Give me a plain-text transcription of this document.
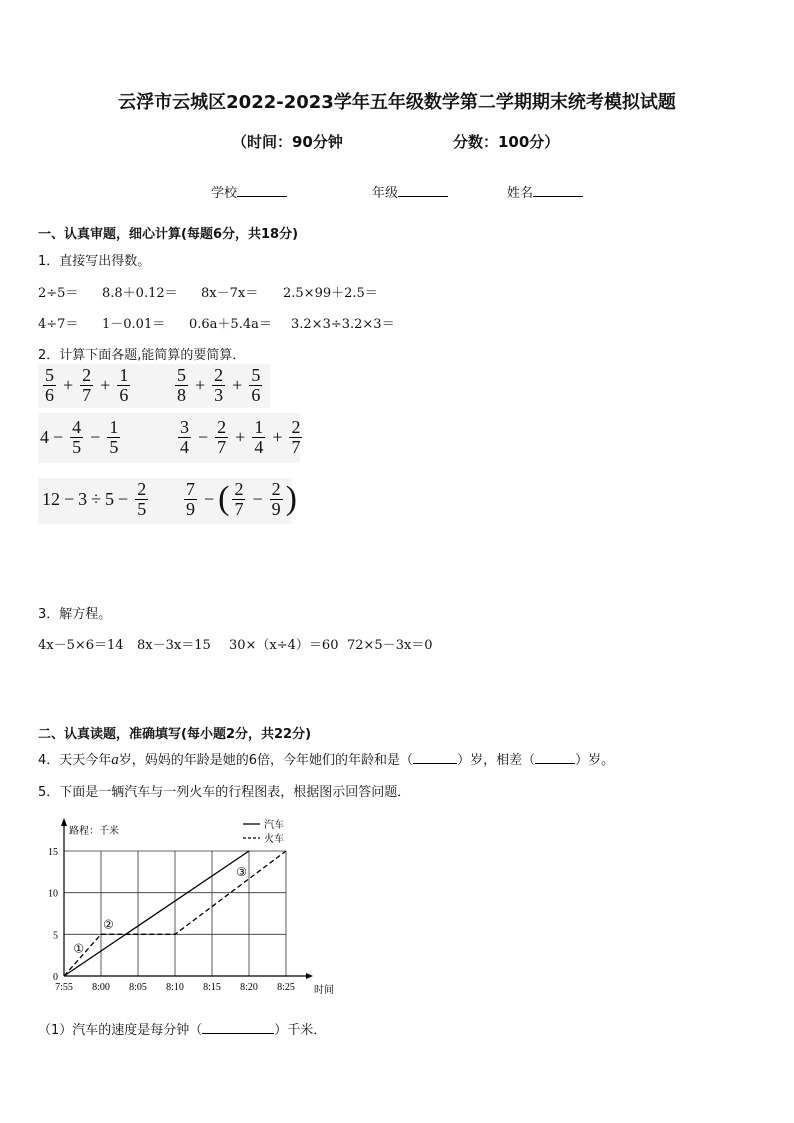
云浮市云城区2022-2023学年五年级数学第二学期期末统考模拟试题
（时间：90分钟	分数：100分）
学校	年级	姓名
一、认真审题，细心计算(每题6分，共18分)
1．直接写出得数。
2÷5＝ 8.8＋0.12＝ 8x－7x＝ 2.5×99＋2.5＝
4÷7＝ 1－0.01＝ 0.6a＋5.4a＝ 3.2×3÷3.2×3＝
2．计算下面各题,能简算的要简算．
$\frac{5}{6} + \frac{2}{7} + \frac{1}{6} \frac{5}{8} + \frac{2}{3} + \frac{5}{6}$
$4 - \frac{4}{5} - \frac{1}{5}$	$\frac{3}{4} - \frac{2}{7} + \frac{1}{4} + \frac{2}{7}$
$12 - 3 \div 5 - \frac{2}{5} \frac{7}{9}$ − ( $\frac{2}{7} - \frac{2}{9}$ )
3．解方程。
4x－5×6＝14 8x－3x＝15 30×（x÷4）＝60 72×5－3x＝0
二、认真读题，准确填写(每小题2分，共22分)
4．天天今年a岁，妈妈的年龄是她的6倍，今年她们的年龄和是（	）岁，相差（	）岁。
5．下面是一辆汽车与一列火车的行程图表，根据图示回答问题．
7:55 8:00 8:05 8:10 8:15 8:20 8:25
0
5
10
15
①
②
③
汽车
火车
路程：千米
时间
（1）汽车的速度是每分钟（	）千米．
